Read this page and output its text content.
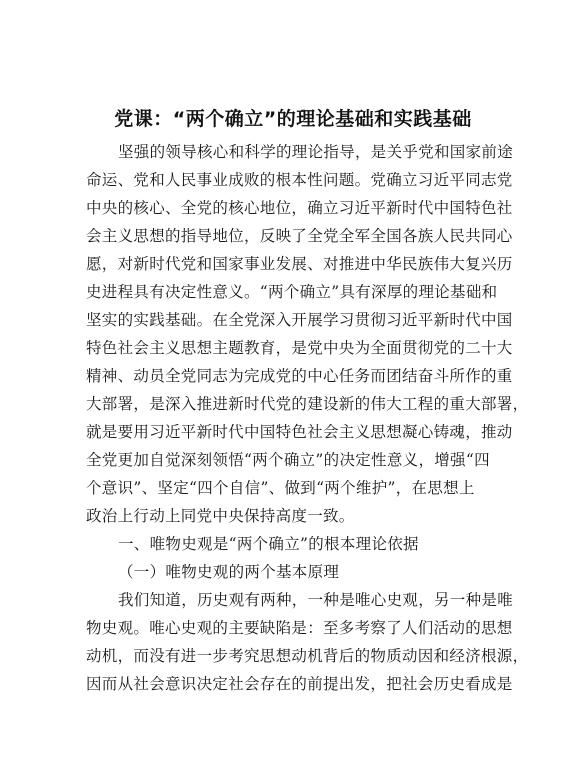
党课：“两个确立”的理论基础和实践基础
坚强的领导核心和科学的理论指导，是关乎党和国家前途
命运、党和人民事业成败的根本性问题。党确立习近平同志党
中央的核心、全党的核心地位，确立习近平新时代中国特色社
会主义思想的指导地位，反映了全党全军全国各族人民共同心
愿，对新时代党和国家事业发展、对推进中华民族伟大复兴历
史进程具有决定性意义。“两个确立”具有深厚的理论基础和
坚实的实践基础。在全党深入开展学习贯彻习近平新时代中国
特色社会主义思想主题教育，是党中央为全面贯彻党的二十大
精神、动员全党同志为完成党的中心任务而团结奋斗所作的重
大部署，是深入推进新时代党的建设新的伟大工程的重大部署，
就是要用习近平新时代中国特色社会主义思想凝心铸魂，推动
全党更加自觉深刻领悟“两个确立”的决定性意义，增强“四
个意识”、坚定“四个自信”、做到“两个维护”，在思想上
政治上行动上同党中央保持高度一致。
一、唯物史观是“两个确立”的根本理论依据
（一）唯物史观的两个基本原理
我们知道，历史观有两种，一种是唯心史观，另一种是唯
物史观。唯心史观的主要缺陷是：至多考察了人们活动的思想
动机，而没有进一步考究思想动机背后的物质动因和经济根源，
因而从社会意识决定社会存在的前提出发，把社会历史看成是
